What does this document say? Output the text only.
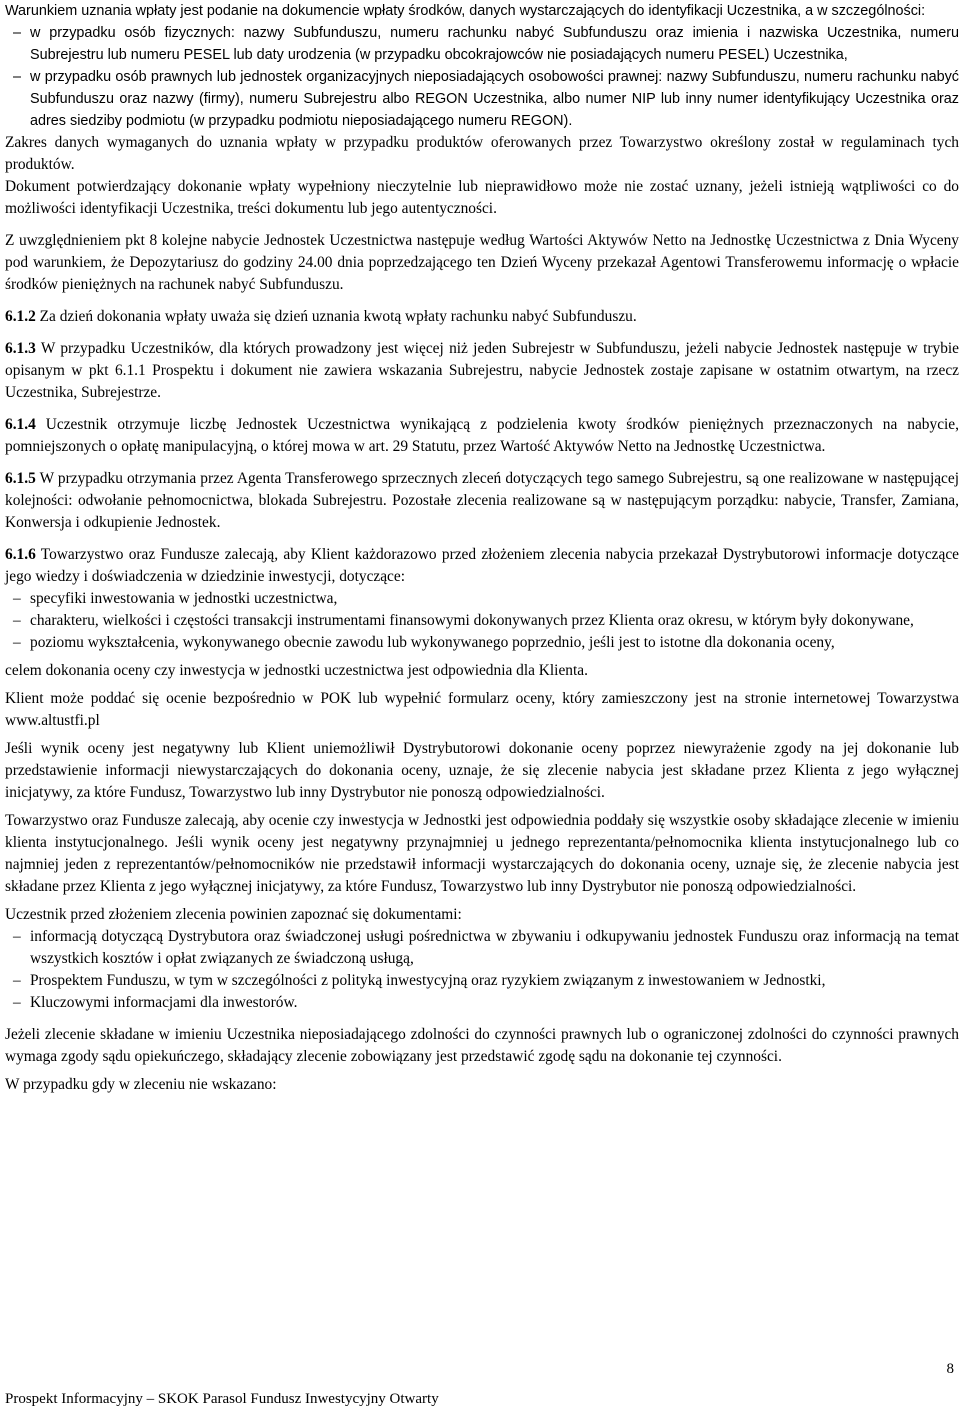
Warunkiem uznania wpłaty jest podanie na dokumencie wpłaty środków, danych wystarczających do identyfikacji Uczestnika, a w szczególności:

– w przypadku osób fizycznych: nazwy Subfunduszu, numeru rachunku nabyć Subfunduszu oraz imienia i nazwiska Uczestnika, numeru Subrejestru lub numeru PESEL lub daty urodzenia (w przypadku obcokrajowców nie posiadających numeru PESEL) Uczestnika,

– w przypadku osób prawnych lub jednostek organizacyjnych nieposiadających osobowości prawnej: nazwy Subfunduszu, numeru rachunku nabyć Subfunduszu oraz nazwy (firmy), numeru Subrejestru albo REGON Uczestnika, albo numer NIP lub inny numer identyfikujący Uczestnika oraz adres siedziby podmiotu (w przypadku podmiotu nieposiadającego numeru REGON).

Zakres danych wymaganych do uznania wpłaty w przypadku produktów oferowanych przez Towarzystwo określony został w regulaminach tych produktów.

Dokument potwierdzający dokonanie wpłaty wypełniony nieczytelnie lub nieprawidłowo może nie zostać uznany, jeżeli istnieją wątpliwości co do możliwości identyfikacji Uczestnika, treści dokumentu lub jego autentyczności.

Z uwzględnieniem pkt 8 kolejne nabycie Jednostek Uczestnictwa następuje według Wartości Aktywów Netto na Jednostkę Uczestnictwa z Dnia Wyceny pod warunkiem, że Depozytariusz do godziny 24.00 dnia poprzedzającego ten Dzień Wyceny przekazał Agentowi Transferowemu informację o wpłacie środków pieniężnych na rachunek nabyć Subfunduszu.

6.1.2 Za dzień dokonania wpłaty uważa się dzień uznania kwotą wpłaty rachunku nabyć Subfunduszu.

6.1.3 W przypadku Uczestników, dla których prowadzony jest więcej niż jeden Subrejestr w Subfunduszu, jeżeli nabycie Jednostek następuje w trybie opisanym w pkt 6.1.1 Prospektu i dokument nie zawiera wskazania Subrejestru, nabycie Jednostek zostaje zapisane w ostatnim otwartym, na rzecz Uczestnika, Subrejestrze.

6.1.4 Uczestnik otrzymuje liczbę Jednostek Uczestnictwa wynikającą z podzielenia kwoty środków pieniężnych przeznaczonych na nabycie, pomniejszonych o opłatę manipulacyjną, o której mowa w art. 29 Statutu, przez Wartość Aktywów Netto na Jednostkę Uczestnictwa.

6.1.5 W przypadku otrzymania przez Agenta Transferowego sprzecznych zleceń dotyczących tego samego Subrejestru, są one realizowane w następującej kolejności: odwołanie pełnomocnictwa, blokada Subrejestru. Pozostałe zlecenia realizowane są w następującym porządku: nabycie, Transfer, Zamiana, Konwersja i odkupienie Jednostek.

6.1.6 Towarzystwo oraz Fundusze zalecają, aby Klient każdorazowo przed złożeniem zlecenia nabycia przekazał Dystrybutorowi informacje dotyczące jego wiedzy i doświadczenia w dziedzinie inwestycji, dotyczące:

– specyfiki inwestowania w jednostki uczestnictwa,

– charakteru, wielkości i częstości transakcji instrumentami finansowymi dokonywanych przez Klienta oraz okresu, w którym były dokonywane,

– poziomu wykształcenia, wykonywanego obecnie zawodu lub wykonywanego poprzednio, jeśli jest to istotne dla dokonania oceny,

celem dokonania oceny czy inwestycja w jednostki uczestnictwa jest odpowiednia dla Klienta.

Klient może poddać się ocenie bezpośrednio w POK lub wypełnić formularz oceny, który zamieszczony jest na stronie internetowej Towarzystwa www.altustfi.pl

Jeśli wynik oceny jest negatywny lub Klient uniemożliwił Dystrybutorowi dokonanie oceny poprzez niewyrażenie zgody na jej dokonanie lub przedstawienie informacji niewystarczających do dokonania oceny, uznaje, że się zlecenie nabycia jest składane przez Klienta z jego wyłącznej inicjatywy, za które Fundusz, Towarzystwo lub inny Dystrybutor nie ponoszą odpowiedzialności.

Towarzystwo oraz Fundusze zalecają, aby ocenie czy inwestycja w Jednostki jest odpowiednia poddały się wszystkie osoby składające zlecenie w imieniu klienta instytucjonalnego. Jeśli wynik oceny jest negatywny przynajmniej u jednego reprezentanta/pełnomocnika klienta instytucjonalnego lub co najmniej jeden z reprezentantów/pełnomocników nie przedstawił informacji wystarczających do dokonania oceny, uznaje się, że zlecenie nabycia jest składane przez Klienta z jego wyłącznej inicjatywy, za które Fundusz, Towarzystwo lub inny Dystrybutor nie ponoszą odpowiedzialności.

Uczestnik przed złożeniem zlecenia powinien zapoznać się dokumentami:

– informacją dotyczącą Dystrybutora oraz świadczonej usługi pośrednictwa w zbywaniu i odkupywaniu jednostek Funduszu oraz informacją na temat wszystkich kosztów i opłat związanych ze świadczoną usługą,

– Prospektem Funduszu, w tym w szczególności z polityką inwestycyjną oraz ryzykiem związanym z inwestowaniem w Jednostki,

– Kluczowymi informacjami dla inwestorów.

Jeżeli zlecenie składane w imieniu Uczestnika nieposiadającego zdolności do czynności prawnych lub o ograniczonej zdolności do czynności prawnych wymaga zgody sądu opiekuńczego, składający zlecenie zobowiązany jest przedstawić zgodę sądu na dokonanie tej czynności.

W przypadku gdy w zleceniu nie wskazano:

8
Prospekt Informacyjny – SKOK Parasol Fundusz Inwestycyjny Otwarty
